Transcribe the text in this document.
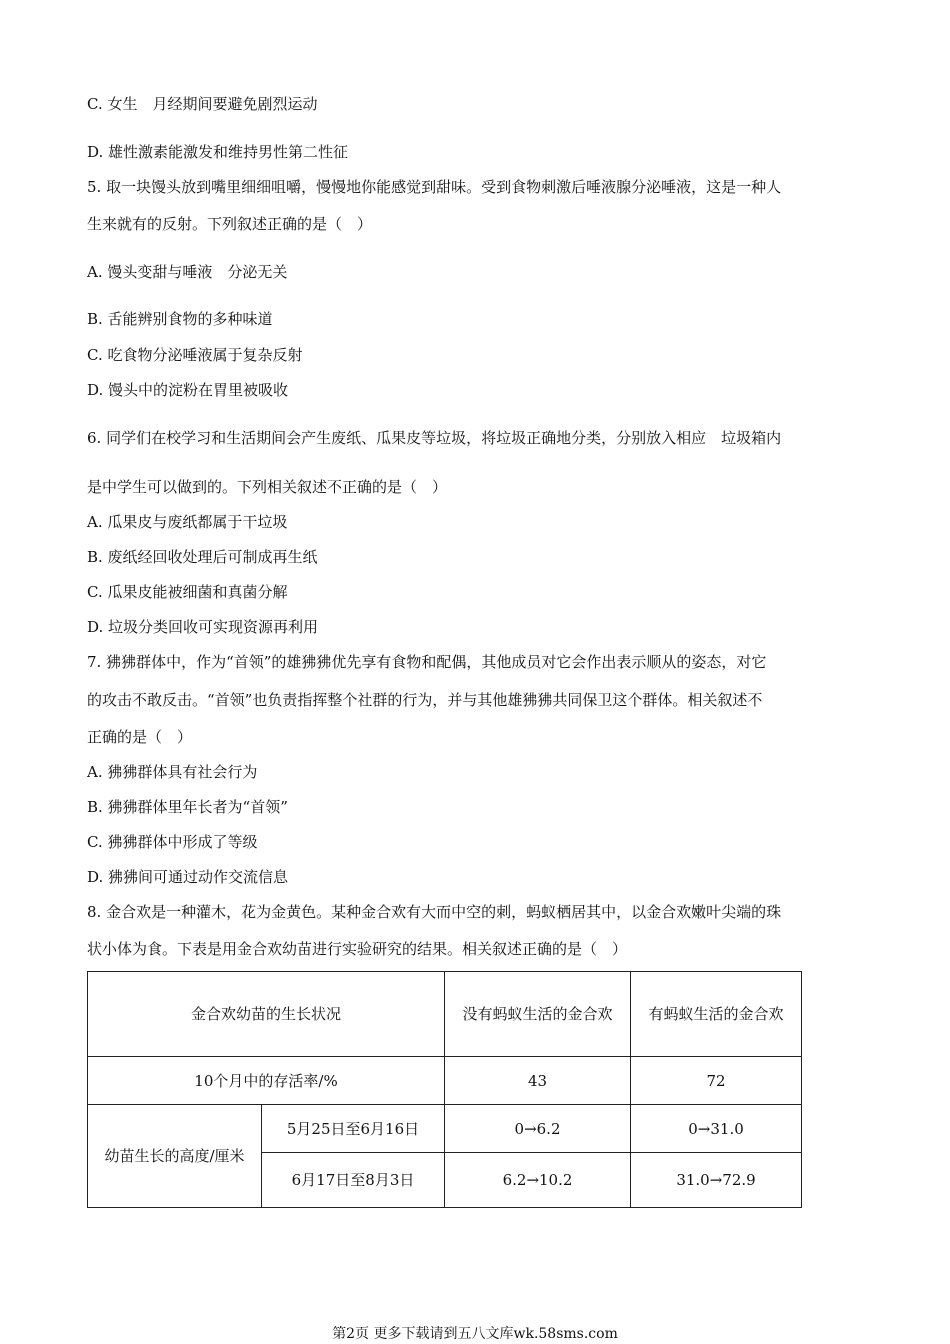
C. 女生　月经期间要避免剧烈运动
D. 雄性激素能激发和维持男性第二性征
5. 取一块馒头放到嘴里细细咀嚼，慢慢地你能感觉到甜味。受到食物刺激后唾液腺分泌唾液，这是一种人
生来就有的反射。下列叙述正确的是（　）
A. 馒头变甜与唾液　分泌无关
B. 舌能辨别食物的多种味道
C. 吃食物分泌唾液属于复杂反射
D. 馒头中的淀粉在胃里被吸收
6. 同学们在校学习和生活期间会产生废纸、瓜果皮等垃圾，将垃圾正确地分类，分别放入相应　垃圾箱内
是中学生可以做到的。下列相关叙述不正确的是（　）
A. 瓜果皮与废纸都属于干垃圾
B. 废纸经回收处理后可制成再生纸
C. 瓜果皮能被细菌和真菌分解
D. 垃圾分类回收可实现资源再利用
7. 狒狒群体中，作为“首领”的雄狒狒优先享有食物和配偶，其他成员对它会作出表示顺从的姿态，对它
的攻击不敢反击。“首领”也负责指挥整个社群的行为，并与其他雄狒狒共同保卫这个群体。相关叙述不
正确的是（　）
A. 狒狒群体具有社会行为
B. 狒狒群体里年长者为“首领”
C. 狒狒群体中形成了等级
D. 狒狒间可通过动作交流信息
8. 金合欢是一种灌木，花为金黄色。某种金合欢有大而中空的刺，蚂蚁栖居其中，以金合欢嫩叶尖端的珠
状小体为食。下表是用金合欢幼苗进行实验研究的结果。相关叙述正确的是（　）
金合欢幼苗的生长状况		没有蚂蚁生活的金合欢	有蚂蚁生活的金合欢
10个月中的存活率/%		43	72
幼苗生长的高度/厘米	5月25日至6月16日	0→6.2	0→31.0
	6月17日至8月3日	6.2→10.2	31.0→72.9
第2页 更多下载请到五八文库wk.58sms.com
